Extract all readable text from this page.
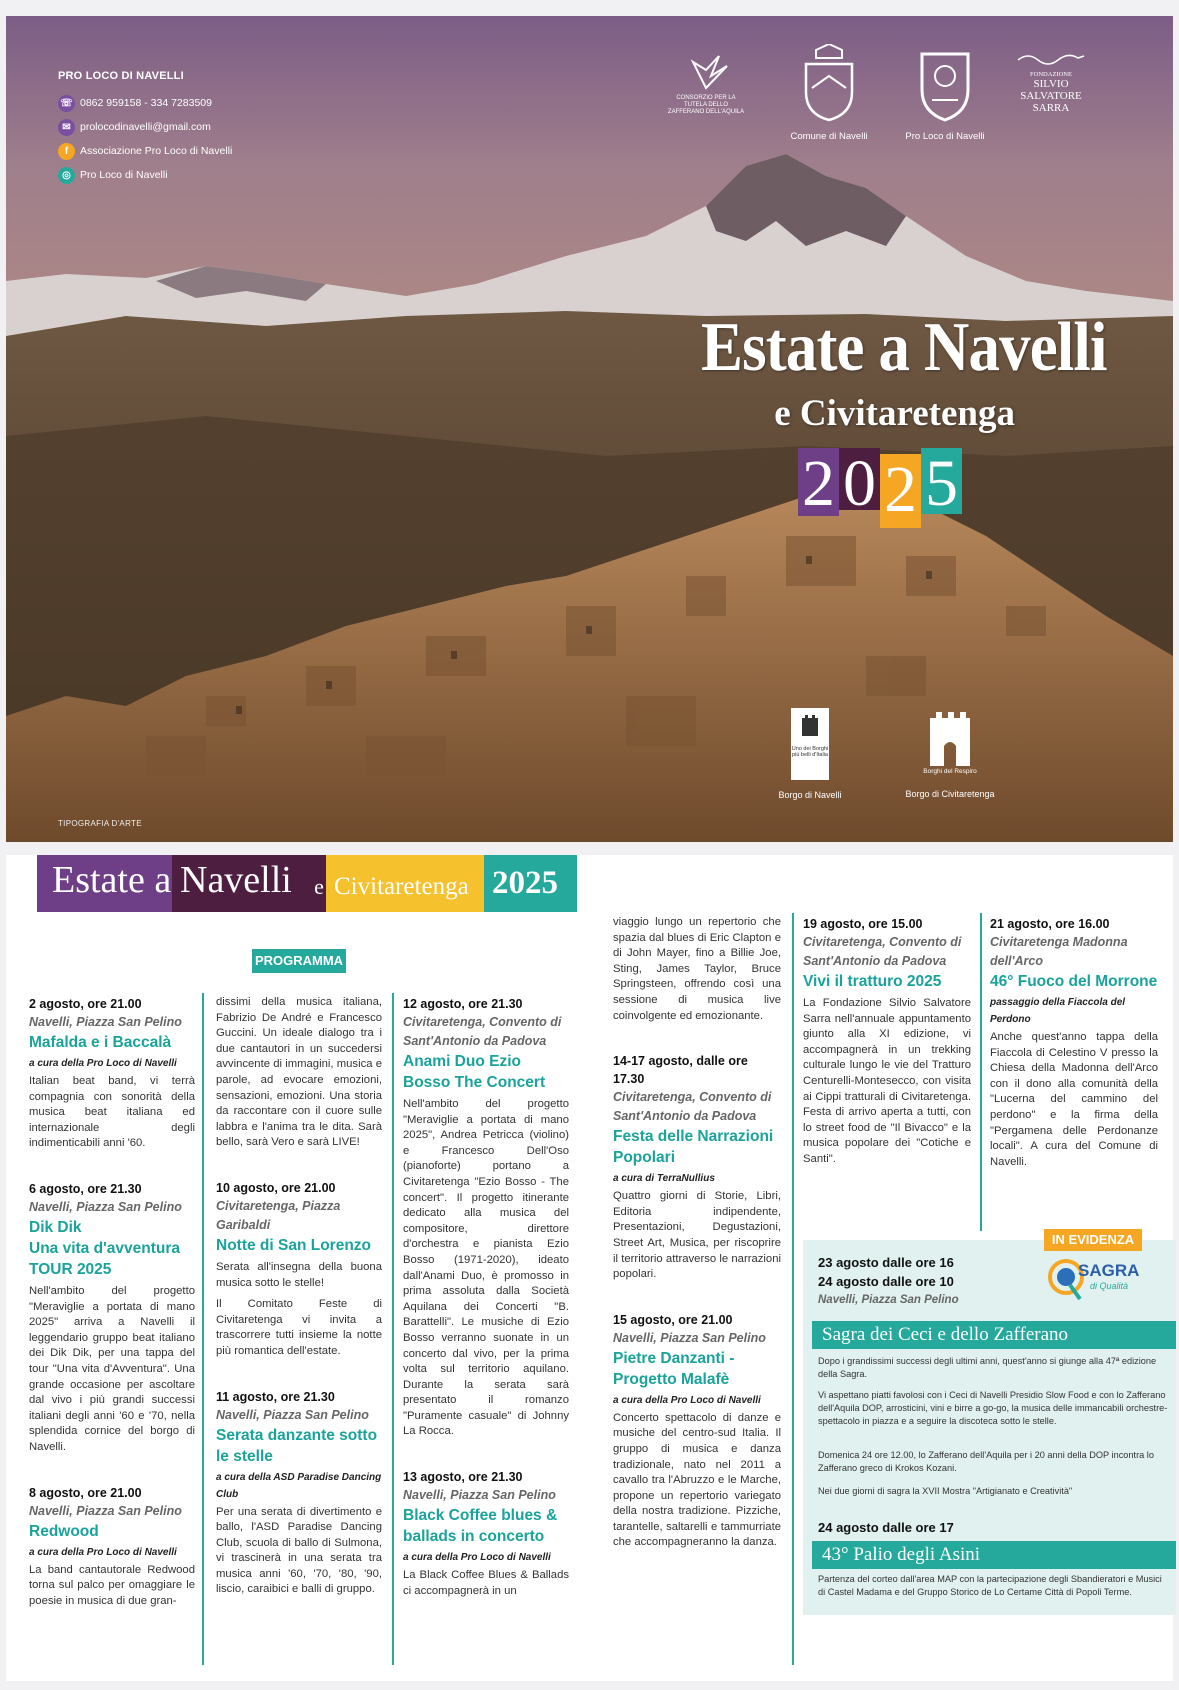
PRO LOCO DI NAVELLI
☏ 0862 959158 - 334 7283509
✉ prolocodinavelli@gmail.com
f	Associazione Pro Loco di Navelli
◎ Pro Loco di Navelli
CONSORZIO PER LA TUTELA DELLO ZAFFERANO DELL'AQUILA
Comune di Navelli	Pro Loco di Navelli
FONDAZIONE
SILVIO SALVATORE SARRA
Estate a Navelli
e Civitaretenga
2 0 2 5
Uno dei Borghi più belli d'Italia
Borgo di Navelli
Borghi del Respiro
Borgo di Civitaretenga
TIPOGRAFIA D'ARTE
Estate a Navelli	e Civitaretenga 2025
PROGRAMMA
2 agosto, ore 21.00
Navelli, Piazza San Pelino
Mafalda e i Baccalà
a cura della Pro Loco di Navelli

Italian beat band, vi terrà compagnia con sonorità della musica beat italiana ed internazionale degli indimenticabili anni '60.

6 agosto, ore 21.30
Navelli, Piazza San Pelino
Dik Dik
Una vita d'avventura TOUR 2025

Nell'ambito del progetto "Meraviglie a portata di mano 2025" arriva a Navelli il leggendario gruppo beat italiano dei Dik Dik, per una tappa del tour "Una vita d'Avventura". Una grande occasione per ascoltare dal vivo i più grandi successi italiani degli anni '60 e '70, nella splendida cornice del borgo di Navelli.

8 agosto, ore 21.00
Navelli, Piazza San Pelino
Redwood
a cura della Pro Loco di Navelli

La band cantautorale Redwood torna sul palco per omaggiare le poesie in musica di due gran-

dissimi della musica italiana, Fabrizio De André e Francesco Guccini. Un ideale dialogo tra i due cantautori in un succedersi avvincente di immagini, musica e parole, ad evocare emozioni, sensazioni, emozioni. Una storia da raccontare con il cuore sulle labbra e l'anima tra le dita. Sarà bello, sarà Vero e sarà LIVE!

10 agosto, ore 21.00
Civitaretenga, Piazza Garibaldi
Notte di San Lorenzo

Serata all'insegna della buona musica sotto le stelle!

Il Comitato Feste di Civitaretenga vi invita a trascorrere tutti insieme la notte più romantica dell'estate.

11 agosto, ore 21.30
Navelli, Piazza San Pelino
Serata danzante sotto le stelle
a cura della ASD Paradise Dancing Club

Per una serata di divertimento e ballo, l'ASD Paradise Dancing Club, scuola di ballo di Sulmona, vi trascinerà in una serata tra musica anni '60, '70, '80, '90, liscio, caraibici e balli di gruppo.

12 agosto, ore 21.30
Civitaretenga, Convento di Sant'Antonio da Padova
Anami Duo Ezio Bosso The Concert

Nell'ambito del progetto "Meraviglie a portata di mano 2025", Andrea Petricca (violino) e Francesco Dell'Oso (pianoforte) portano a Civitaretenga "Ezio Bosso - The concert". Il progetto itinerante dedicato alla musica del compositore, direttore d'orchestra e pianista Ezio Bosso (1971-2020), ideato dall'Anami Duo, è promosso in prima assoluta dalla Società Aquilana dei Concerti "B. Barattelli". Le musiche di Ezio Bosso verranno suonate in un concerto dal vivo, per la prima volta sul territorio aquilano. Durante la serata sarà presentato il romanzo "Puramente casuale" di Johnny La Rocca.

13 agosto, ore 21.30
Navelli, Piazza San Pelino
Black Coffee blues & ballads in concerto
a cura della Pro Loco di Navelli

La Black Coffee Blues & Ballads ci accompagnerà in un

viaggio lungo un repertorio che spazia dal blues di Eric Clapton e di John Mayer, fino a Billie Joe, Sting, James Taylor, Bruce Springsteen, offrendo così una sessione di musica live coinvolgente ed emozionante.

14-17 agosto, dalle ore 17.30
Civitaretenga, Convento di Sant'Antonio da Padova
Festa delle Narrazioni Popolari
a cura di TerraNullius

Quattro giorni di Storie, Libri, Editoria indipendente, Presentazioni, Degustazioni, Street Art, Musica, per riscoprire il territorio attraverso le narrazioni popolari.

15 agosto, ore 21.00
Navelli, Piazza San Pelino
Pietre Danzanti - Progetto Malafè
a cura della Pro Loco di Navelli

Concerto spettacolo di danze e musiche del centro-sud Italia. Il gruppo di musica e danza tradizionale, nato nel 2011 a cavallo tra l'Abruzzo e le Marche, propone un repertorio variegato della nostra tradizione. Pizziche, tarantelle, saltarelli e tammurriate che accompagneranno la danza.

19 agosto, ore 15.00
Civitaretenga, Convento di Sant'Antonio da Padova
Vivi il tratturo 2025

La Fondazione Silvio Salvatore Sarra nell'annuale appuntamento giunto alla XI edizione, vi accompagnerà in un trekking culturale lungo le vie del Tratturo Centurelli-Montesecco, con visita ai Cippi tratturali di Civitaretenga. Festa di arrivo aperta a tutti, con lo street food de "Il Bivacco" e la musica popolare dei "Cotiche e Santi".

21 agosto, ore 16.00
Civitaretenga Madonna dell'Arco
46° Fuoco del Morrone
passaggio della Fiaccola del Perdono

Anche quest'anno tappa della Fiaccola di Celestino V presso la Chiesa della Madonna dell'Arco con il dono alla comunità della "Lucerna del cammino del perdono" e la firma della "Pergamena delle Perdonanze locali". A cura del Comune di Navelli.

IN EVIDENZA
SAGRA
di Qualità
23 agosto dalle ore 16
24 agosto dalle ore 10
Navelli, Piazza San Pelino
Sagra dei Ceci e dello Zafferano
Dopo i grandissimi successi degli ultimi anni, quest'anno si giunge alla 47ª edizione della Sagra.
Vi aspettano piatti favolosi con i Ceci di Navelli Presidio Slow Food e con lo Zafferano dell'Aquila DOP, arrosticini, vini e birre a go-go, la musica delle immancabili orchestre-spettacolo in piazza e a seguire la discoteca sotto le stelle.
Domenica 24 ore 12.00, lo Zafferano dell'Aquila per i 20 anni della DOP incontra lo Zafferano greco di Krokos Kozani.
Nei due giorni di sagra la XVII Mostra "Artigianato e Creatività"
24 agosto dalle ore 17
43° Palio degli Asini
Partenza del corteo dall'area MAP con la partecipazione degli Sbandieratori e Musici di Castel Madama e del Gruppo Storico de Lo Certame Città di Popoli Terme.
